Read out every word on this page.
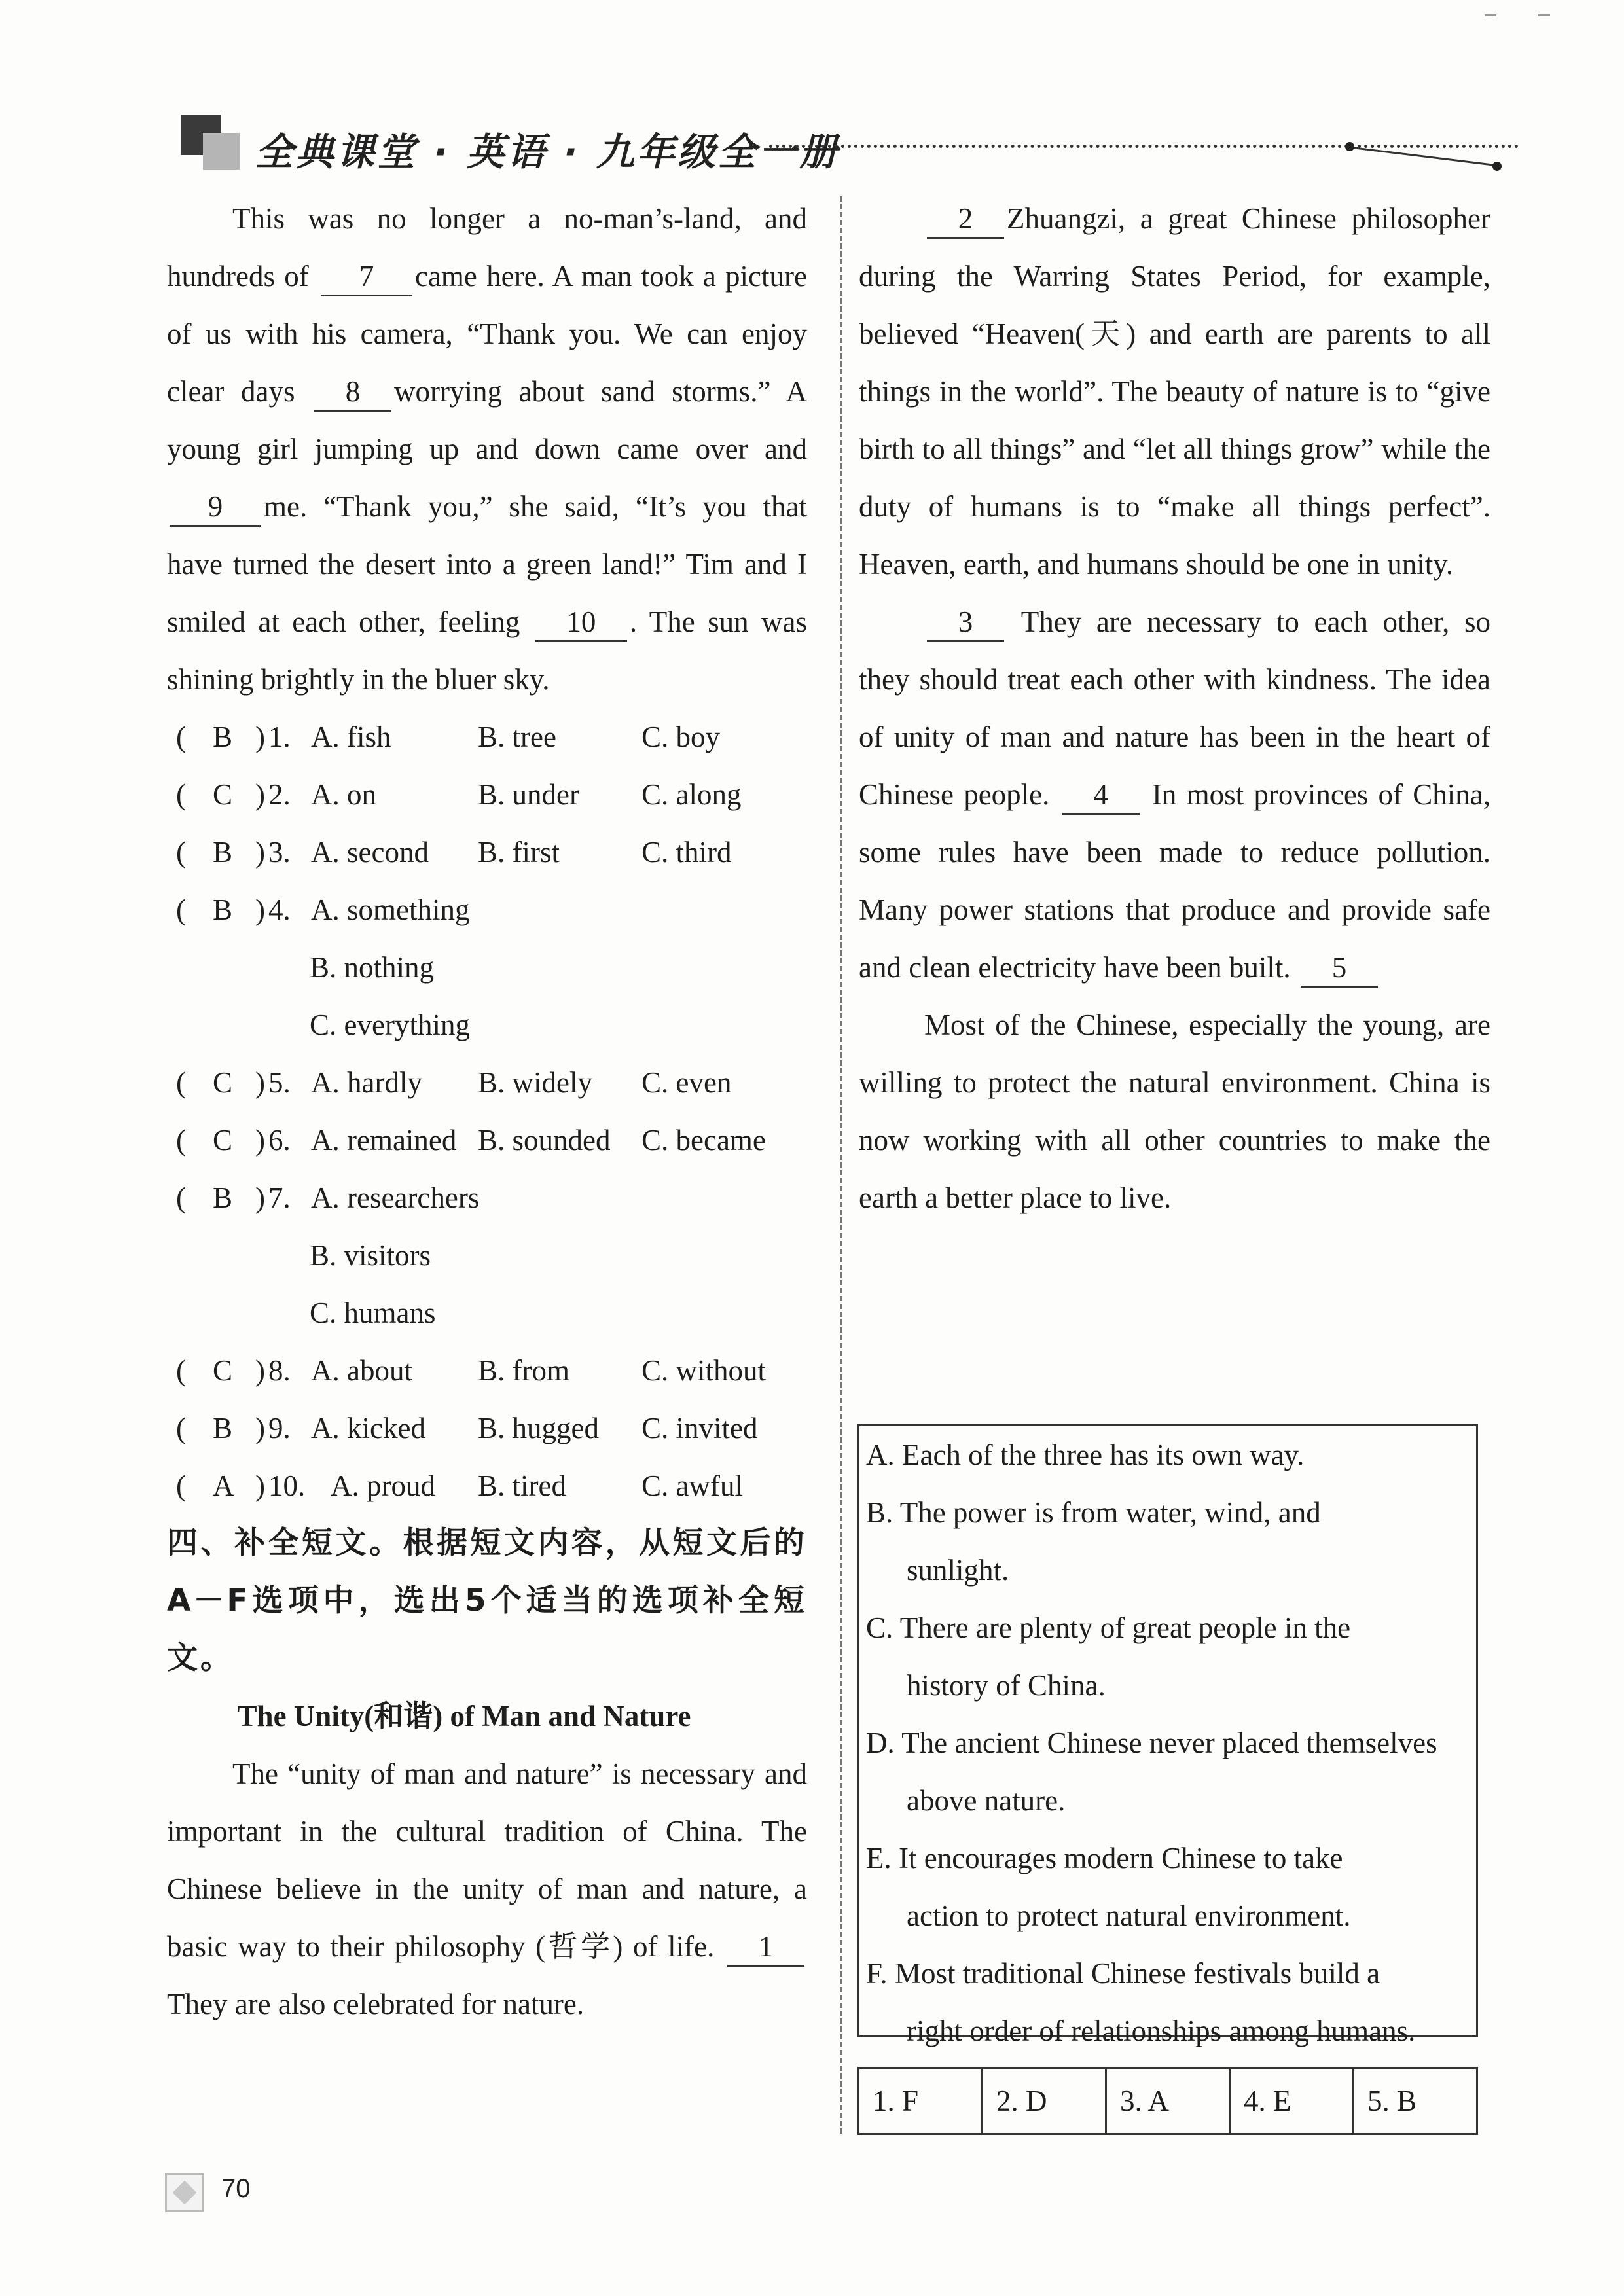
全典课堂 · 英语 · 九年级全一册

This was no longer a no-man’s-land, and hundreds of 7 came here. A man took a picture of us with his camera, “Thank you. We can enjoy clear days 8 worrying about sand storms.” A young girl jumping up and down came over and 9 me. “Thank you,” she said, “It’s you that have turned the desert into a green land!” Tim and I smiled at each other, feeling 10 . The sun was shining brightly in the bluer sky.

( B ) 1. A. fish	B. tree	C. boy
( C ) 2. A. on	B. under C. along
( B ) 3. A. second B. first	C. third
( B ) 4. A. something
B. nothing
C. everything
( C ) 5. A. hardly B. widely C. even
( C ) 6. A. remained B. sounded C. became
( B ) 7. A. researchers
B. visitors
C. humans
( C ) 8. A. about B. from C. without
( B ) 9. A. kicked B. hugged C. invited
( A ) 10. A. proud B. tired	C. awful

四、补全短文。根据短文内容，从短文后的A－F选项中，选出5个适当的选项补全短文。

The Unity(和谐) of Man and Nature

The “unity of man and nature” is necessary and important in the cultural tradition of China. The Chinese believe in the unity of man and nature, a basic way to their philosophy (哲学) of life. 1They are also celebrated for nature.

2 Zhuangzi, a great Chinese philosopher during the Warring States Period, for example, believed “Heaven(天) and earth are parents to all things in the world”. The beauty of nature is to “give birth to all things” and “let all things grow” while the duty of humans is to “make all things perfect”. Heaven, earth, and humans should be one in unity.

3 They are necessary to each other, so they should treat each other with kindness. The idea of unity of man and nature has been in the heart of Chinese people. 4 In most provinces of China, some rules have been made to reduce pollution. Many power stations that produce and provide safe and clean electricity have been built. 5

Most of the Chinese, especially the young, are willing to protect the natural environment. China is now working with all other countries to make the earth a better place to live.

A. Each of the three has its own way.

B. The power is from water, wind, and
sunlight.

C. There are plenty of great people in the
history of China.

D. The ancient Chinese never placed themselves
above nature.

E. It encourages modern Chinese to take
action to protect natural environment.

F. Most traditional Chinese festivals build a
right order of relationships among humans.

1. F	2. D	3. A	4. E	5. B
70
